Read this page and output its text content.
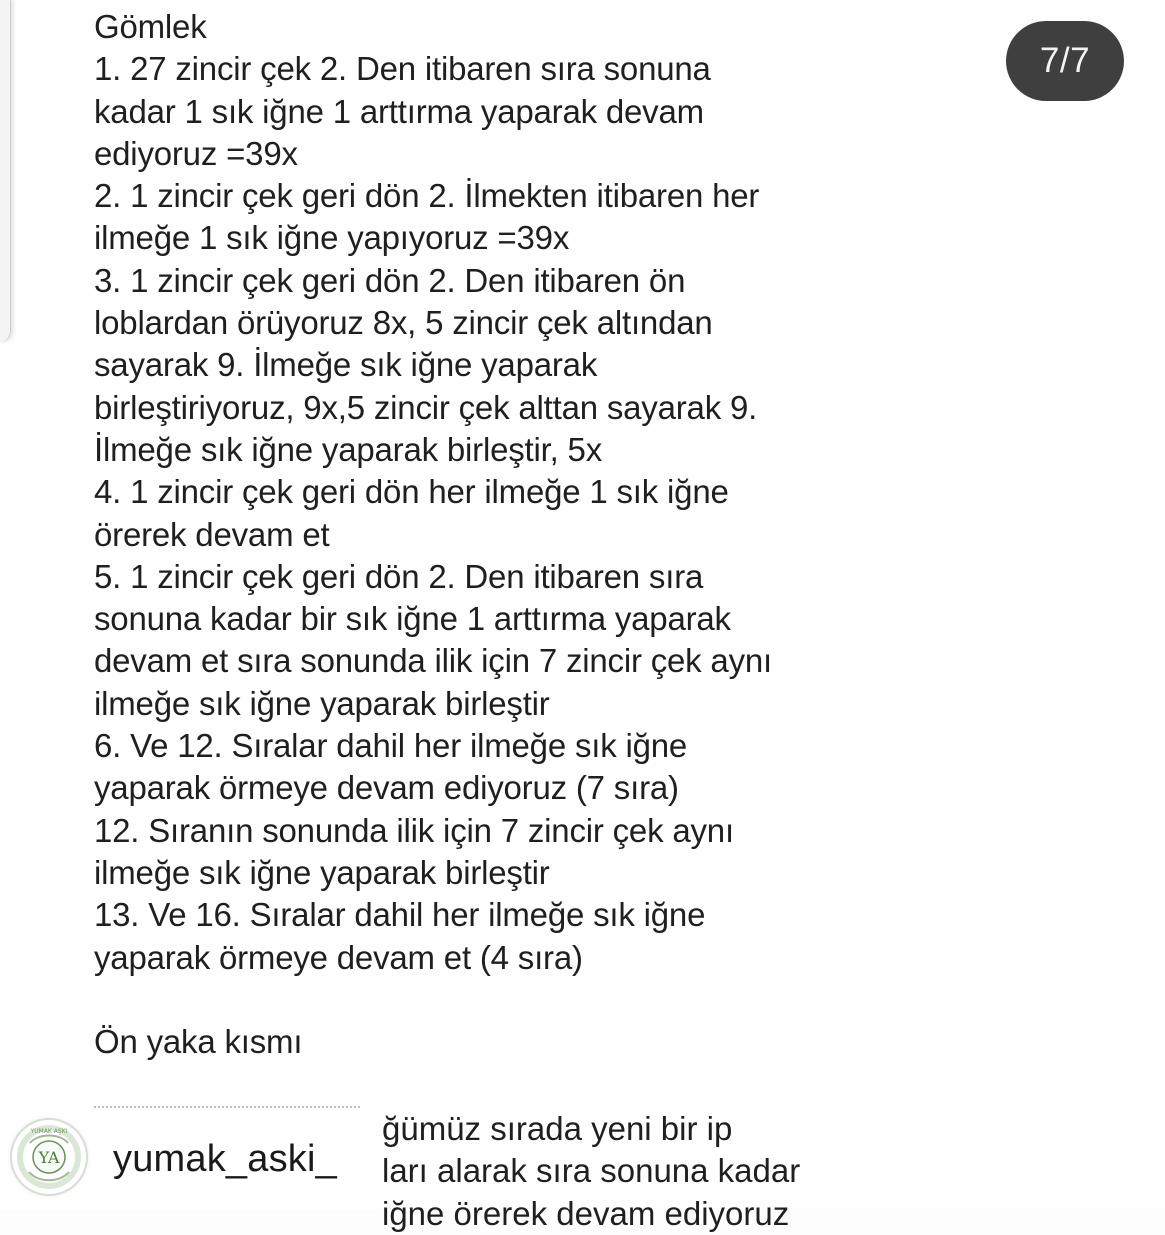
Gömlek
1. 27 zincir çek 2. Den itibaren sıra sonuna
kadar 1 sık iğne 1 arttırma yaparak devam
ediyoruz =39x
2. 1 zincir çek geri dön 2. İlmekten itibaren her
ilmeğe 1 sık iğne yapıyoruz =39x
3. 1 zincir çek geri dön 2. Den itibaren ön
loblardan örüyoruz 8x, 5 zincir çek altından
sayarak 9. İlmeğe sık iğne yaparak
birleştiriyoruz, 9x,5 zincir çek alttan sayarak 9.
İlmeğe sık iğne yaparak birleştir, 5x
4. 1 zincir çek geri dön her ilmeğe 1 sık iğne
örerek devam et
5. 1 zincir çek geri dön 2. Den itibaren sıra
sonuna kadar bir sık iğne 1 arttırma yaparak
devam et sıra sonunda ilik için 7 zincir çek aynı
ilmeğe sık iğne yaparak birleştir
6. Ve 12. Sıralar dahil her ilmeğe sık iğne
yaparak örmeye devam ediyoruz (7 sıra)
12. Sıranın sonunda ilik için 7 zincir çek aynı
ilmeğe sık iğne yaparak birleştir
13. Ve 16. Sıralar dahil her ilmeğe sık iğne
yaparak örmeye devam et (4 sıra)
Ön yaka kısmı
7/7
ğümüz sırada yeni bir ip
ları alarak sıra sonuna kadar
iğne örerek devam ediyoruz
YA
YUMAK AŞKI
yumak_aski_
